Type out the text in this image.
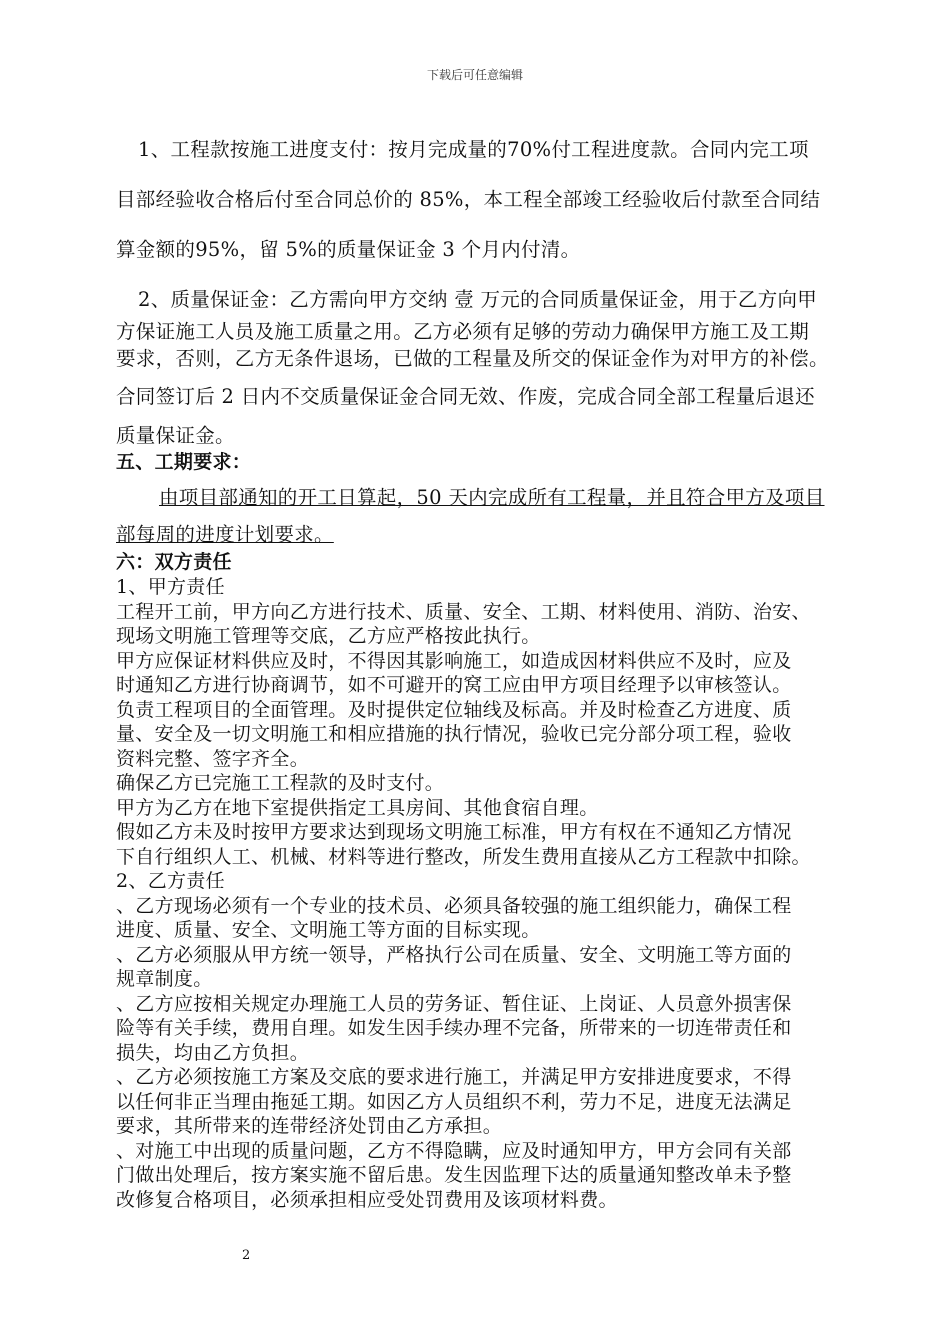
下载后可任意编辑
1、工程款按施工进度支付：按月完成量的70%付工程进度款。合同内完工项
目部经验收合格后付至合同总价的 85%，本工程全部竣工经验收后付款至合同结
算金额的95%，留 5%的质量保证金 3 个月内付清。
2、质量保证金：乙方需向甲方交纳 壹 万元的合同质量保证金，用于乙方向甲
方保证施工人员及施工质量之用。乙方必须有足够的劳动力确保甲方施工及工期
要求，否则，乙方无条件退场，已做的工程量及所交的保证金作为对甲方的补偿。
合同签订后 2 日内不交质量保证金合同无效、作废，完成合同全部工程量后退还
质量保证金。
五、工期要求：
由项目部通知的开工日算起，50 天内完成所有工程量，并且符合甲方及项目
部每周的进度计划要求。
六：双方责任
1、甲方责任
工程开工前，甲方向乙方进行技术、质量、安全、工期、材料使用、消防、治安、
现场文明施工管理等交底，乙方应严格按此执行。
甲方应保证材料供应及时，不得因其影响施工，如造成因材料供应不及时，应及
时通知乙方进行协商调节，如不可避开的窝工应由甲方项目经理予以审核签认。
负责工程项目的全面管理。及时提供定位轴线及标高。并及时检查乙方进度、质
量、安全及一切文明施工和相应措施的执行情况，验收已完分部分项工程，验收
资料完整、签字齐全。
确保乙方已完施工工程款的及时支付。
甲方为乙方在地下室提供指定工具房间、其他食宿自理。
假如乙方未及时按甲方要求达到现场文明施工标准，甲方有权在不通知乙方情况
下自行组织人工、机械、材料等进行整改，所发生费用直接从乙方工程款中扣除。
2、乙方责任
、乙方现场必须有一个专业的技术员、必须具备较强的施工组织能力，确保工程
进度、质量、安全、文明施工等方面的目标实现。
、乙方必须服从甲方统一领导，严格执行公司在质量、安全、文明施工等方面的
规章制度。
、乙方应按相关规定办理施工人员的劳务证、暂住证、上岗证、人员意外损害保
险等有关手续，费用自理。如发生因手续办理不完备，所带来的一切连带责任和
损失，均由乙方负担。
、乙方必须按施工方案及交底的要求进行施工，并满足甲方安排进度要求，不得
以任何非正当理由拖延工期。如因乙方人员组织不利，劳力不足，进度无法满足
要求，其所带来的连带经济处罚由乙方承担。
、对施工中出现的质量问题，乙方不得隐瞒，应及时通知甲方，甲方会同有关部
门做出处理后，按方案实施不留后患。发生因监理下达的质量通知整改单未予整
改修复合格项目，必须承担相应受处罚费用及该项材料费。
2
